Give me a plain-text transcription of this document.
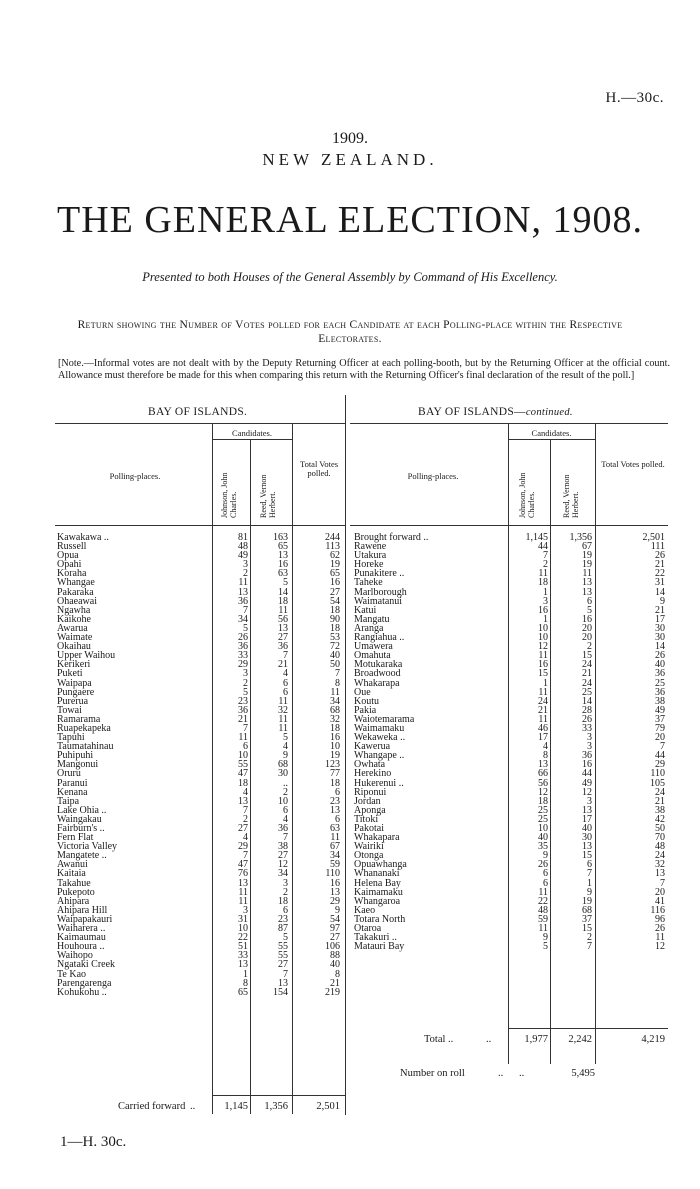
H.—30c.
1909.
NEW ZEALAND.
THE GENERAL ELECTION, 1908.
Presented to both Houses of the General Assembly by Command of His Excellency.
Return showing the Number of Votes polled for each Candidate at each Polling-place within the Respective Electorates.
[Note.—Informal votes are not dealt with by the Deputy Returning Officer at each polling-booth, but by the Returning Officer at the official count. Allowance must therefore be made for this when comparing this return with the Returning Officer's final declaration of the result of the poll.]
BAY OF ISLANDS.	BAY OF ISLANDS—continued.
Candidates.
Polling-places.	Johnson, John Charles.	Reed, Vernon Herbert.
Total Votes polled.
Candidates.
Polling-places.	Johnson, John Charles.	Reed, Vernon Herbert.
Total Votes polled.
Kawakawa ..	81	163	244
Russell	48	65	113
Opua	49	13	62
Opahi	3	16	19
Koraha	2	63	65
Whangae	11	5	16
Pakaraka	13	14	27
Ohaeawai	36	18	54
Ngawha	7	11	18
Kaikohe	34	56	90
Awarua	5	13	18
Waimate	26	27	53
Okaihau	36	36	72
Upper Waihou	33	7	40
Kerikeri	29	21	50
Puketi	3	4	7
Waipapa	2	6	8
Pungaere	5	6	11
Purerua	23	11	34
Towai	36	32	68
Ramarama	21	11	32
Ruapekapeka	7	11	18
Tapuhi	11	5	16
Taumatahinau	6	4	10
Puhipuhi	10	9	19
Mangonui	55	68	123
Oruru	47	30	77
Paranui	18	..	18
Kenana	4	2	6
Taipa	13	10	23
Lake Ohia ..	7	6	13
Waingakau	2	4	6
Fairburn's ..	27	36	63
Fern Flat	4	7	11
Victoria Valley	29	38	67
Mangatete ..	7	27	34
Awanui	47	12	59
Kaitaia	76	34	110
Takahue	13	3	16
Pukepoto	11	2	13
Ahipara	11	18	29
Ahipara Hill	3	6	9
Waipapakauri	31	23	54
Waiharera ..	10	87	97
Kaimaumau	22	5	27
Houhoura ..	51	55	106
Waihopo	33	55	88
Ngataki Creek	13	27	40
Te Kao	1	7	8
Parengarenga	8	13	21
Kohukohu ..	65	154	219
Brought forward ..	1,145	1,356	2,501
Rawene	44	67	111
Utakura	7	19	26
Horeke	2	19	21
Punakitere ..	11	11	22
Taheke	18	13	31
Marlborough	1	13	14
Waimatanui	3	6	9
Katui	16	5	21
Mangatu	1	16	17
Aranga	10	20	30
Rangiahua ..	10	20	30
Umawera	12	2	14
Omahuta	11	15	26
Motukaraka	16	24	40
Broadwood	15	21	36
Whakarapa	1	24	25
Oue	11	25	36
Koutu	24	14	38
Pakia	21	28	49
Waiotemarama	11	26	37
Waimamaku	46	33	79
Wekaweka ..	17	3	20
Kawerua	4	3	7
Whangape ..	8	36	44
Owhata	13	16	29
Herekino	66	44	110
Hukerenui ..	56	49	105
Riponui	12	12	24
Jordan	18	3	21
Aponga	25	13	38
Titoki	25	17	42
Pakotai	10	40	50
Whakapara	40	30	70
Wairiki	35	13	48
Otonga	9	15	24
Opuawhanga	26	6	32
Whananaki	6	7	13
Helena Bay	6	1	7
Kaimamaku	11	9	20
Whangaroa	22	19	41
Kaeo	48	68	116
Totara North	59	37	96
Otaroa	11	15	26
Takakuri ..	9	2	11
Matauri Bay	5	7	12
Carried forward ..	1,145	1,356	2,501
Total ..	..	1,977	2,242	4,219
Number on roll	..      ..	5,495
1—H. 30c.
